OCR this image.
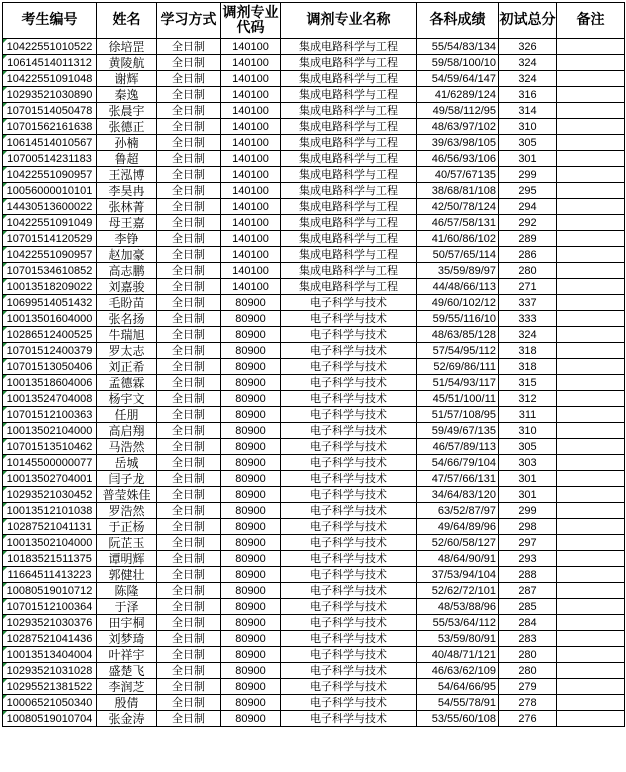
考生编号	姓名	学习方式	调剂专业代码	调剂专业名称	各科成绩	初试总分	备注
10422551010522	徐培罡	全日制	140100	集成电路科学与工程	55/54/83/134	326	
10614514011312	黄陵航	全日制	140100	集成电路科学与工程	59/58/100/10	324	
10422551091048	谢辉	全日制	140100	集成电路科学与工程	54/59/64/147	324	
10293521030890	秦逸	全日制	140100	集成电路科学与工程	41/6289/124	316	
10701514050478	张晨宇	全日制	140100	集成电路科学与工程	49/58/112/95	314	
10701562161638	张德正	全日制	140100	集成电路科学与工程	48/63/97/102	310	
10614514010567	孙楠	全日制	140100	集成电路科学与工程	39/63/98/105	305	
10700514231183	鲁超	全日制	140100	集成电路科学与工程	46/56/93/106	301	
10422551090957	王泓博	全日制	140100	集成电路科学与工程	40/57/67135	299	
10056000010101	李昊冉	全日制	140100	集成电路科学与工程	38/68/81/108	295	
14430513600022	张林菁	全日制	140100	集成电路科学与工程	42/50/78/124	294	
10422551091049	母王嘉	全日制	140100	集成电路科学与工程	46/57/58/131	292	
10701514120529	李铮	全日制	140100	集成电路科学与工程	41/60/86/102	289	
10422551090957	赵加豪	全日制	140100	集成电路科学与工程	50/57/65/114	286	
10701534610852	高志鹏	全日制	140100	集成电路科学与工程	35/59/89/97	280	
10013518209022	刘嘉骏	全日制	140100	集成电路科学与工程	44/48/66/113	271	
10699514051432	毛盼苗	全日制	80900	电子科学与技术	49/60/102/12	337	
10013501604000	张名扬	全日制	80900	电子科学与技术	59/55/116/10	333	
10286512400525	牛瑞旭	全日制	80900	电子科学与技术	48/63/85/128	324	
10701512400379	罗太志	全日制	80900	电子科学与技术	57/54/95/112	318	
10701513050406	刘正希	全日制	80900	电子科学与技术	52/69/86/111	318	
10013518604006	孟德霖	全日制	80900	电子科学与技术	51/54/93/117	315	
10013524704008	杨宇文	全日制	80900	电子科学与技术	45/51/100/11	312	
10701512100363	任朋	全日制	80900	电子科学与技术	51/57/108/95	311	
10013502104000	高启翔	全日制	80900	电子科学与技术	59/49/67/135	310	
10701513510462	马浩然	全日制	80900	电子科学与技术	46/57/89/113	305	
10145500000077	岳城	全日制	80900	电子科学与技术	54/66/79/104	303	
10013502704001	闫子龙	全日制	80900	电子科学与技术	47/57/66/131	301	
10293521030452	普莹姝佳	全日制	80900	电子科学与技术	34/64/83/120	301	
10013512101038	罗浩然	全日制	80900	电子科学与技术	63/52/87/97	299	
10287521041131	于正杨	全日制	80900	电子科学与技术	49/64/89/96	298	
10013502104000	阮芷玉	全日制	80900	电子科学与技术	52/60/58/127	297	
10183521511375	谭明辉	全日制	80900	电子科学与技术	48/64/90/91	293	
11664511413223	郭健壮	全日制	80900	电子科学与技术	37/53/94/104	288	
10080519010712	陈隆	全日制	80900	电子科学与技术	52/62/72/101	287	
10701512100364	于泽	全日制	80900	电子科学与技术	48/53/88/96	285	
10293521030376	田宇桐	全日制	80900	电子科学与技术	55/53/64/112	284	
10287521041436	刘梦琦	全日制	80900	电子科学与技术	53/59/80/91	283	
10013513404004	叶祥宇	全日制	80900	电子科学与技术	40/48/71/121	280	
10293521031028	盛楚飞	全日制	80900	电子科学与技术	46/63/62/109	280	
10295521381522	李润芝	全日制	80900	电子科学与技术	54/64/66/95	279	
10006521050340	殷倩	全日制	80900	电子科学与技术	54/55/78/91	278	
10080519010704	张金涛	全日制	80900	电子科学与技术	53/55/60/108	276	
